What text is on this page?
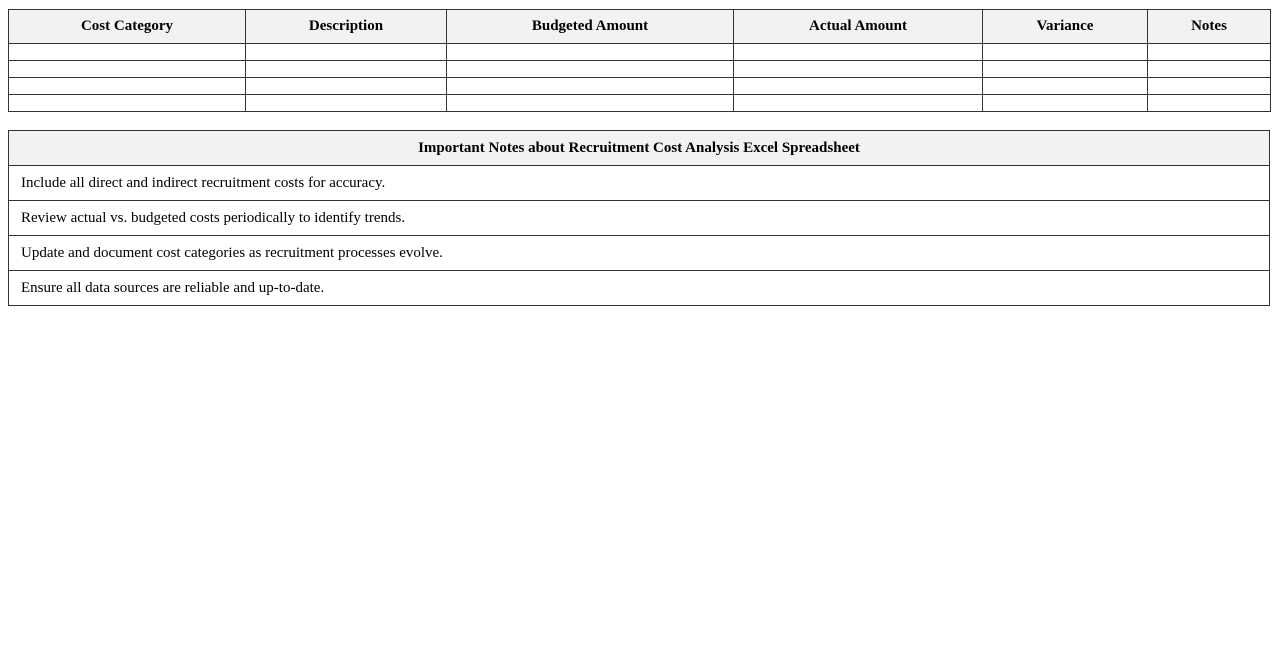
Cost Category	Description	Budgeted Amount	Actual Amount	Variance	Notes

Important Notes about Recruitment Cost Analysis Excel Spreadsheet
Include all direct and indirect recruitment costs for accuracy.
Review actual vs. budgeted costs periodically to identify trends.
Update and document cost categories as recruitment processes evolve.
Ensure all data sources are reliable and up-to-date.
